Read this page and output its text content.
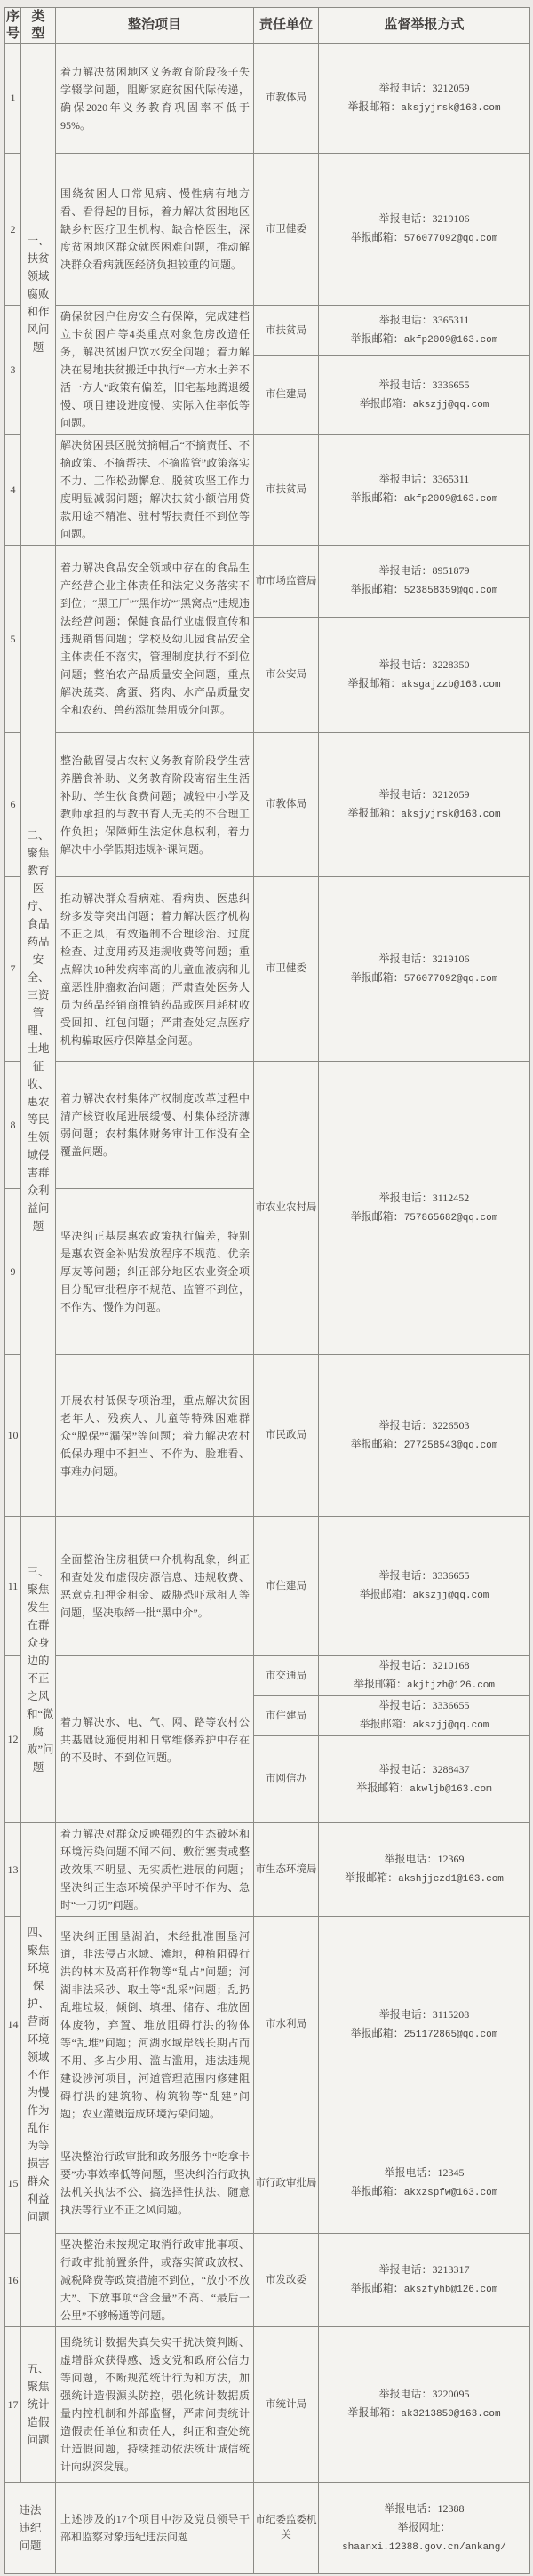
序号	类型	整治项目	责任单位	监督举报方式
1	一、扶贫领域腐败和作风问题	着力解决贫困地区义务教育阶段孩子失学辍学问题，阻断家庭贫困代际传递，确保2020年义务教育巩固率不低于95%。	市教体局	举报电话：3212059
举报邮箱：aksjyjrsk@163.com

2		围绕贫困人口常见病、慢性病有地方看、看得起的目标，着力解决贫困地区缺乡村医疗卫生机构、缺合格医生，深度贫困地区群众就医困难问题，推动解决群众看病就医经济负担较重的问题。	市卫健委	举报电话：3219106
举报邮箱：576077092@qq.com

3		确保贫困户住房安全有保障，完成建档立卡贫困户等4类重点对象危房改造任务，解决贫困户饮水安全问题；着力解决在易地扶贫搬迁中执行“一方水土养不活一方人”政策有偏差，旧宅基地腾退缓慢、项目建设进度慢、实际入住率低等问题。	市扶贫局	举报电话：3365311
举报邮箱：akfp2009@163.com

			市住建局	举报电话：3336655
举报邮箱：akszjj@qq.com

4		解决贫困县区脱贫摘帽后“不摘责任、不摘政策、不摘帮扶、不摘监管”政策落实不力、工作松劲懈怠、脱贫攻坚工作力度明显减弱问题；解决扶贫小额信用贷款用途不精准、驻村帮扶责任不到位等问题。	市扶贫局	举报电话：3365311
举报邮箱：akfp2009@163.com

5	二、聚焦教育医疗、食品药品安全、三资管理、土地征收、惠农等民生领域侵害群众利益问题	着力解决食品安全领域中存在的食品生产经营企业主体责任和法定义务落实不到位；“黑工厂”“黑作坊”“黑窝点”违规违法经营问题；保健食品行业虚假宣传和违规销售问题；学校及幼儿园食品安全主体责任不落实，管理制度执行不到位问题；整治农产品质量安全问题，重点解决蔬菜、禽蛋、猪肉、水产品质量安全和农药、兽药添加禁用成分问题。	市市场监管局	举报电话：8951879
举报邮箱：523858359@qq.com

			市公安局	举报电话：3228350
举报邮箱：aksgajzzb@163.com

6		整治截留侵占农村义务教育阶段学生营养膳食补助、义务教育阶段寄宿生生活补助、学生伙食费问题；减轻中小学及教师承担的与教书育人无关的不合理工作负担；保障师生法定休息权利，着力解决中小学假期违规补课问题。	市教体局	举报电话：3212059
举报邮箱：aksjyjrsk@163.com

7		推动解决群众看病难、看病贵、医患纠纷多发等突出问题；着力解决医疗机构不正之风，有效遏制不合理诊治、过度检查、过度用药及违规收费等问题；重点解决10种发病率高的儿童血液病和儿童恶性肿瘤救治问题；严肃查处医务人员为药品经销商推销药品或医用耗材收受回扣、红包问题；严肃查处定点医疗机构骗取医疗保障基金问题。	市卫健委	举报电话：3219106
举报邮箱：576077092@qq.com

8		着力解决农村集体产权制度改革过程中清产核资收尾进展缓慢、村集体经济薄弱问题；农村集体财务审计工作没有全覆盖问题。	市农业农村局	举报电话：3112452
举报邮箱：757865682@qq.com

9		坚决纠正基层惠农政策执行偏差，特别是惠农资金补贴发放程序不规范、优亲厚友等问题；纠正部分地区农业资金项目分配审批程序不规范、监管不到位，不作为、慢作为问题。		
10		开展农村低保专项治理，重点解决贫困老年人、残疾人、儿童等特殊困难群众“脱保”“漏保”等问题；着力解决农村低保办理中不担当、不作为、脸难看、事难办问题。	市民政局	举报电话：3226503
举报邮箱：277258543@qq.com

11	三、聚焦发生在群众身边的不正之风和“微腐败”问题	全面整治住房租赁中介机构乱象，纠正和查处发布虚假房源信息、违规收费、恶意克扣押金租金、威胁恐吓承租人等问题，坚决取缔一批“黑中介”。	市住建局	举报电话：3336655
举报邮箱：akszjj@qq.com

12		着力解决水、电、气、网、路等农村公共基础设施使用和日常维修养护中存在的不及时、不到位问题。	市交通局	举报电话：3210168
举报邮箱：akjtjzh@126.com

			市住建局	举报电话：3336655
举报邮箱：akszjj@qq.com

			市网信办	举报电话：3288437
举报邮箱：akwljb@163.com

13	四、聚焦环境保护、营商环境领域不作为慢作为乱作为等损害群众利益问题	着力解决对群众反映强烈的生态破坏和环境污染问题不闻不问、敷衍塞责或整改效果不明显、无实质性进展的问题；坚决纠正生态环境保护平时不作为、急时“一刀切”问题。	市生态环境局	举报电话：12369
举报邮箱：akshjjczd1@163.com

14		坚决纠正围垦湖泊，未经批准围垦河道，非法侵占水域、滩地，种植阻碍行洪的林木及高秆作物等“乱占”问题；河湖非法采砂、取土等“乱采”问题；乱扔乱堆垃圾，倾倒、填埋、储存、堆放固体废物，弃置、堆放阻碍行洪的物体等“乱堆”问题；河湖水域岸线长期占而不用、多占少用、滥占滥用，违法违规建设涉河项目，河道管理范围内修建阻碍行洪的建筑物、构筑物等“乱建”问题；农业灌溉造成环境污染问题。	市水利局	举报电话：3115208
举报邮箱：251172865@qq.com

15		坚决整治行政审批和政务服务中“吃拿卡要”办事效率低等问题，坚决纠治行政执法机关执法不公、搞选择性执法、随意执法等行业不正之风问题。	市行政审批局	举报电话：12345
举报邮箱：akxzspfw@163.com

16		坚决整治未按规定取消行政审批事项、行政审批前置条件，或落实简政放权、减税降费等政策措施不到位，“放小不放大”、下放事项“含金量”不高、“最后一公里”不够畅通等问题。	市发改委	举报电话：3213317
举报邮箱：akszfyhb@126.com

17	五、聚焦统计造假问题	围绕统计数据失真失实干扰决策判断、虚增群众获得感、透支党和政府公信力等问题，不断规范统计行为和方法，加强统计造假源头防控，强化统计数据质量内控机制和外部监督，严肃问责统计造假责任单位和责任人，纠正和查处统计造假问题，持续推动依法统计诚信统计向纵深发展。	市统计局	举报电话：3220095
举报邮箱：ak3213850@163.com

违法违纪问题		上述涉及的17个项目中涉及党员领导干部和监察对象违纪违法问题	市纪委监委机关	举报电话：12388
举报网址：
shaanxi.12388.gov.cn/ankang/
